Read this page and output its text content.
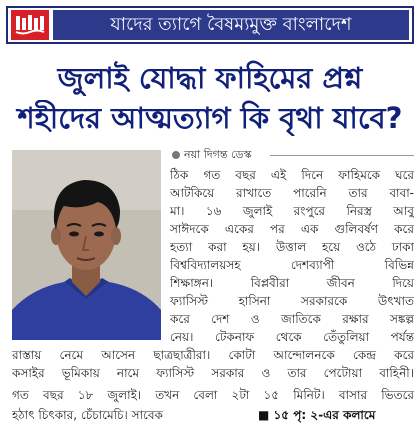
যাদের ত্যাগে বৈষম্যমুক্ত বাংলাদেশ
জুলাই যোদ্ধা ফাহিমের প্রশ্ন
শহীদের আত্মত্যাগ কি বৃথা যাবে?
নয়া দিগন্ত ডেস্ক
ঠিক গত বছর এই দিনে ফাহিমকে ঘরে
আটকিয়ে রাখাতে পারেনি তার বাবা-
মা। ১৬ জুলাই রংপুরে নিরস্ত্র আবু
সাঈদকে একের পর এক গুলিবর্ষণ করে
হত্যা করা হয়। উত্তাল হয়ে ওঠে ঢাকা
বিশ্ববিদ্যালয়সহ দেশব্যাপী বিভিন্ন
শিক্ষাঙ্গন। বিপ্লবীরা জীবন দিয়ে
ফ্যাসিস্ট হাসিনা সরকারকে উৎখাত
করে দেশ ও জাতিকে রক্ষার সঙ্কল্প
নেয়। টেকনাফ থেকে তেঁতুলিয়া পর্যন্ত
রাস্তায় নেমে আসেন ছাত্রছাত্রীরা। কোটা আন্দোলনকে কেন্দ্র করে
কসাইর ভূমিকায় নামে ফ্যাসিস্ট সরকার ও তার পেটোয়া বাহিনী।
গত বছর ১৮ জুলাই। তখন বেলা ২টা ১৫ মিনিট। বাসার ভিতরে
হঠাৎ চিৎকার, চেঁচামেচি। সাবেক	■ ১৫ পৃ: ২-এর কলামে
